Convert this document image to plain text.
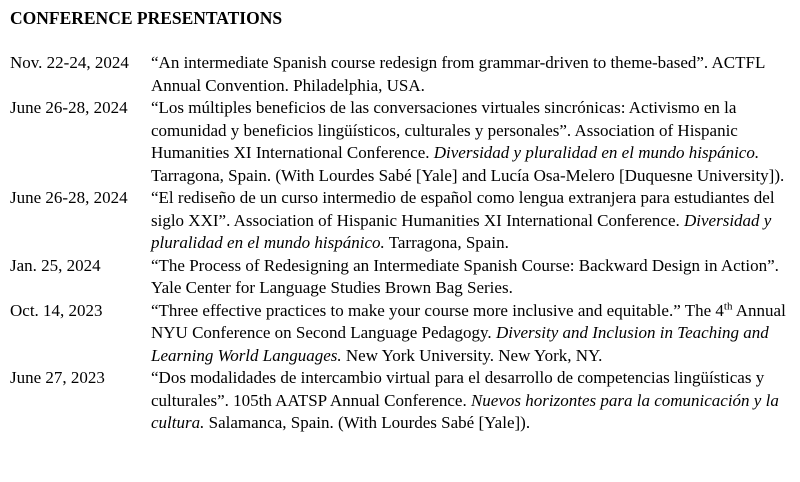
CONFERENCE PRESENTATIONS
Nov. 22-24, 2024	“An intermediate Spanish course redesign from grammar-driven to theme-based”. ACTFL Annual Convention. Philadelphia, USA.
June 26-28, 2024	“Los múltiples beneficios de las conversaciones virtuales sincrónicas: Activismo en la comunidad y beneficios lingüísticos, culturales y personales”. Association of Hispanic Humanities XI International Conference. Diversidad y pluralidad en el mundo hispánico. Tarragona, Spain. (With Lourdes Sabé [Yale] and Lucía Osa-Melero [Duquesne University]).
June 26-28, 2024	“El rediseño de un curso intermedio de español como lengua extranjera para estudiantes del siglo XXI”. Association of Hispanic Humanities XI International Conference. Diversidad y pluralidad en el mundo hispánico. Tarragona, Spain.
Jan. 25, 2024	“The Process of Redesigning an Intermediate Spanish Course: Backward Design in Action”. Yale Center for Language Studies Brown Bag Series.
Oct. 14, 2023	“Three effective practices to make your course more inclusive and equitable.” The 4th Annual NYU Conference on Second Language Pedagogy. Diversity and Inclusion in Teaching and Learning World Languages. New York University. New York, NY.
June 27, 2023	“Dos modalidades de intercambio virtual para el desarrollo de competencias lingüísticas y culturales”. 105th AATSP Annual Conference. Nuevos horizontes para la comunicación y la cultura. Salamanca, Spain. (With Lourdes Sabé [Yale]).
